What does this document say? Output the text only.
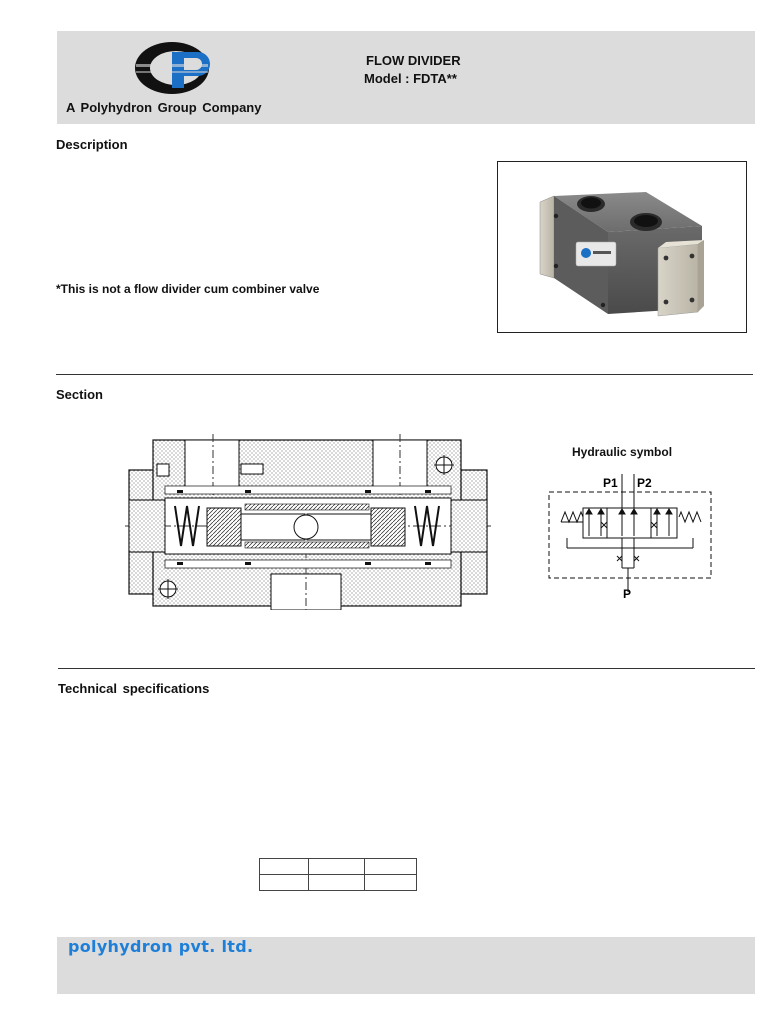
A Polyhydron Group Company
FLOW DIVIDER
Model : FDTA**
Description
*This is not a flow divider cum combiner valve
Section
Hydraulic symbol
P1 P2
P
Technical specifications

polyhydron pvt. ltd.
